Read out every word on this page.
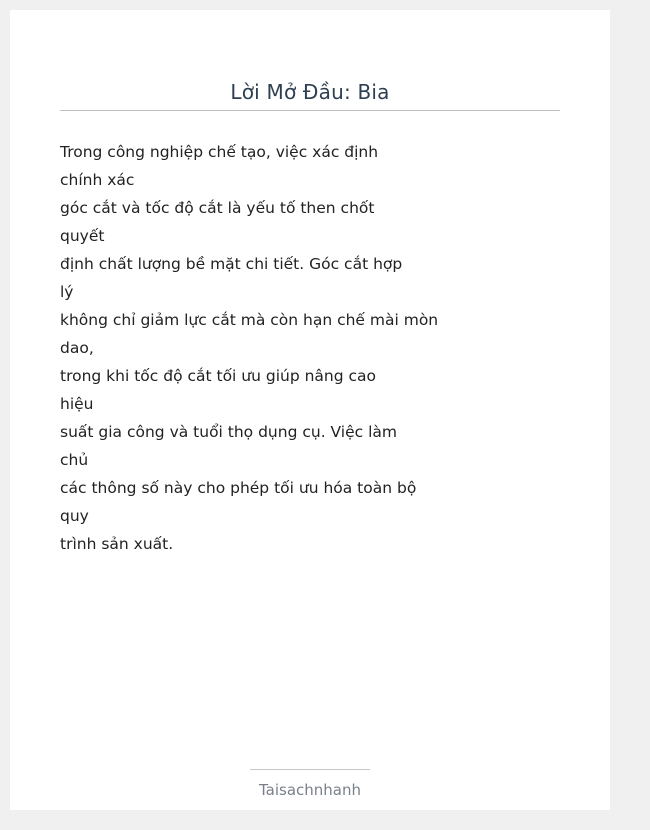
Lời Mở Đầu: Bia
Trong công nghiệp chế tạo, việc xác định
chính xác
góc cắt và tốc độ cắt là yếu tố then chốt
quyết
định chất lượng bề mặt chi tiết. Góc cắt hợp
lý
không chỉ giảm lực cắt mà còn hạn chế mài mòn
dao,
trong khi tốc độ cắt tối ưu giúp nâng cao
hiệu
suất gia công và tuổi thọ dụng cụ. Việc làm
chủ
các thông số này cho phép tối ưu hóa toàn bộ
quy
trình sản xuất.
Taisachnhanh
